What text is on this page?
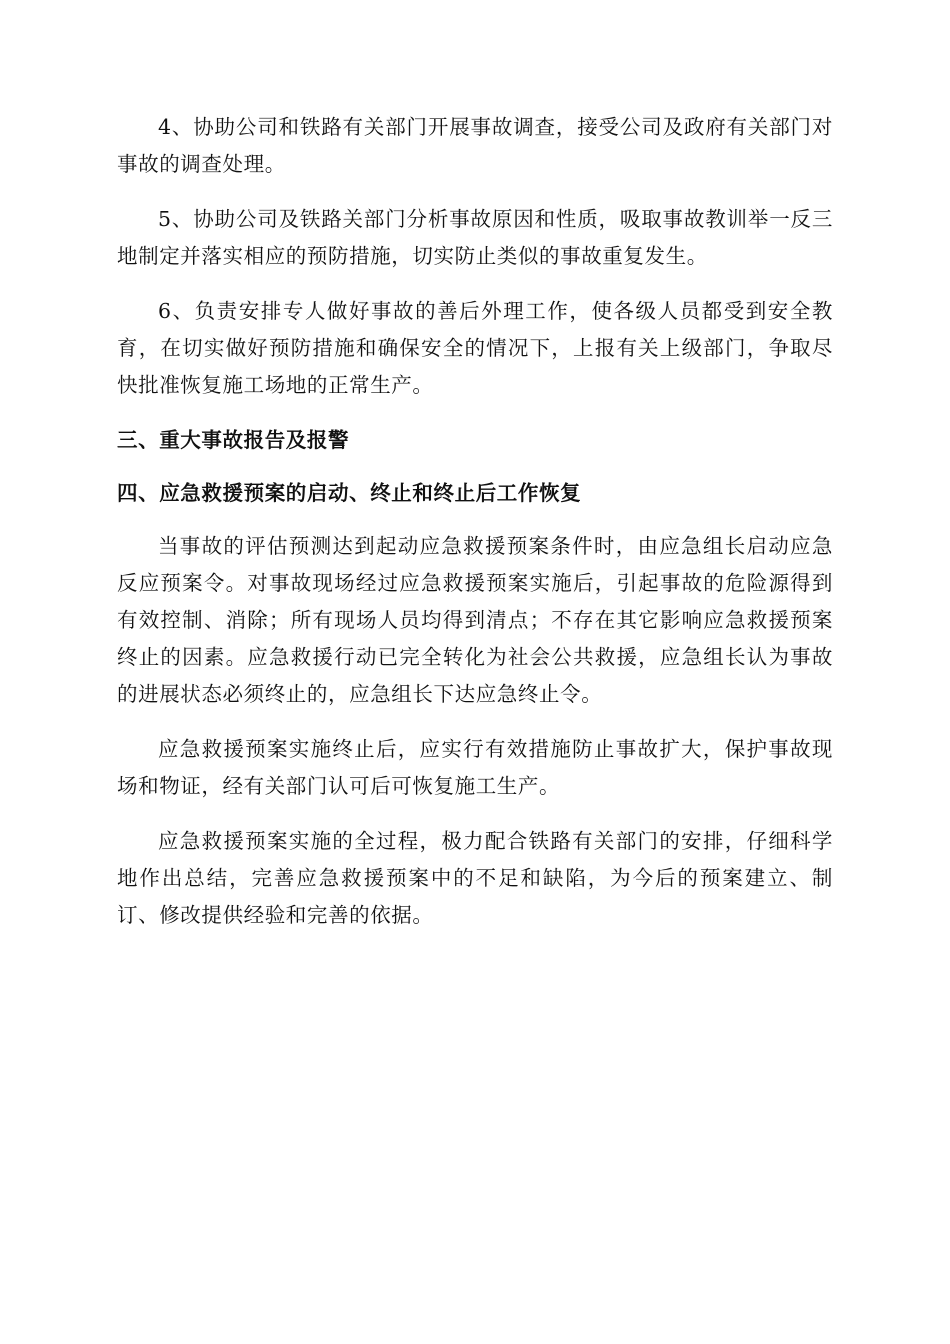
4、协助公司和铁路有关部门开展事故调查，接受公司及政府有关部门对事故的调查处理。

5、协助公司及铁路关部门分析事故原因和性质，吸取事故教训举一反三地制定并落实相应的预防措施，切实防止类似的事故重复发生。

6、负责安排专人做好事故的善后外理工作，使各级人员都受到安全教育，在切实做好预防措施和确保安全的情况下，上报有关上级部门，争取尽快批准恢复施工场地的正常生产。

三、重大事故报告及报警
四、应急救援预案的启动、终止和终止后工作恢复

当事故的评估预测达到起动应急救援预案条件时，由应急组长启动应急反应预案令。对事故现场经过应急救援预案实施后，引起事故的危险源得到有效控制、消除；所有现场人员均得到清点；不存在其它影响应急救援预案终止的因素。应急救援行动已完全转化为社会公共救援，应急组长认为事故的进展状态必须终止的，应急组长下达应急终止令。

应急救援预案实施终止后，应实行有效措施防止事故扩大，保护事故现场和物证，经有关部门认可后可恢复施工生产。

应急救援预案实施的全过程，极力配合铁路有关部门的安排，仔细科学地作出总结，完善应急救援预案中的不足和缺陷，为今后的预案建立、制订、修改提供经验和完善的依据。
